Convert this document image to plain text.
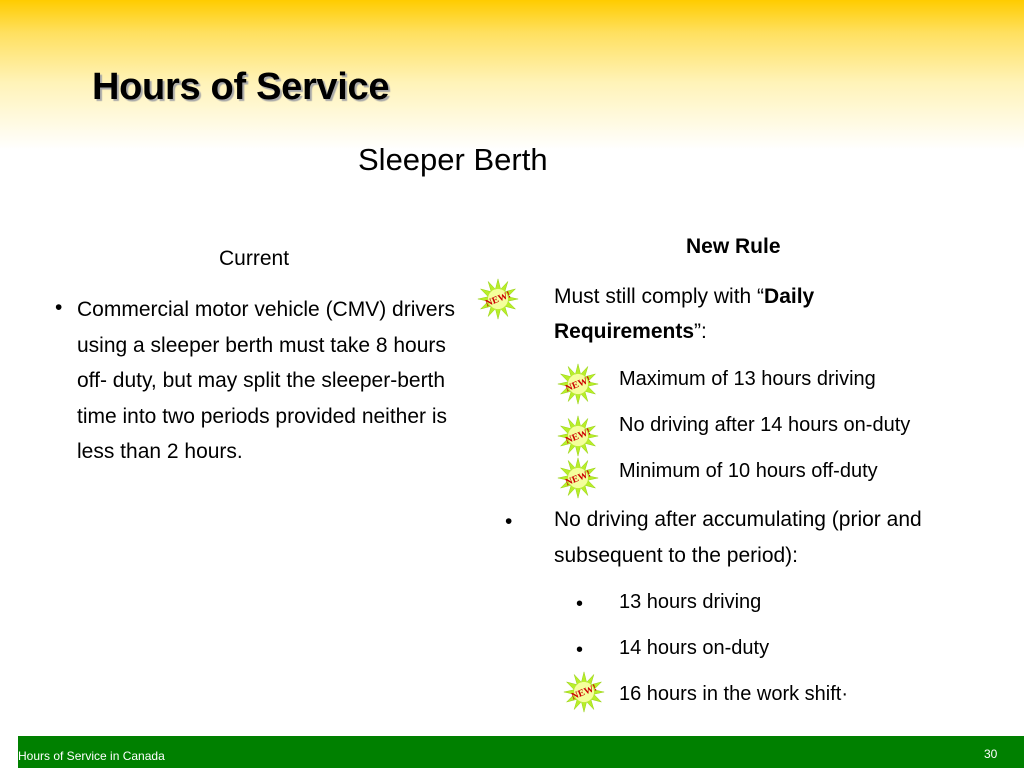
Hours of Service
Sleeper Berth
Current
• Commercial motor vehicle (CMV) drivers using a sleeper berth must take 8 hours off- duty, but may split the sleeper-berth time into two periods provided neither is less than 2 hours.
New Rule
NEW! Must still comply with “Daily
Requirements”:
NEW! Maximum of 13 hours driving
NEW!
No driving after 14 hours on-duty
NEW! Minimum of 10 hours off-duty
• No driving after accumulating (prior and
subsequent to the period):
• 13 hours driving
• 14 hours on-duty
NEW! 16 hours in the work shift·
Hours of Service in Canada	30
